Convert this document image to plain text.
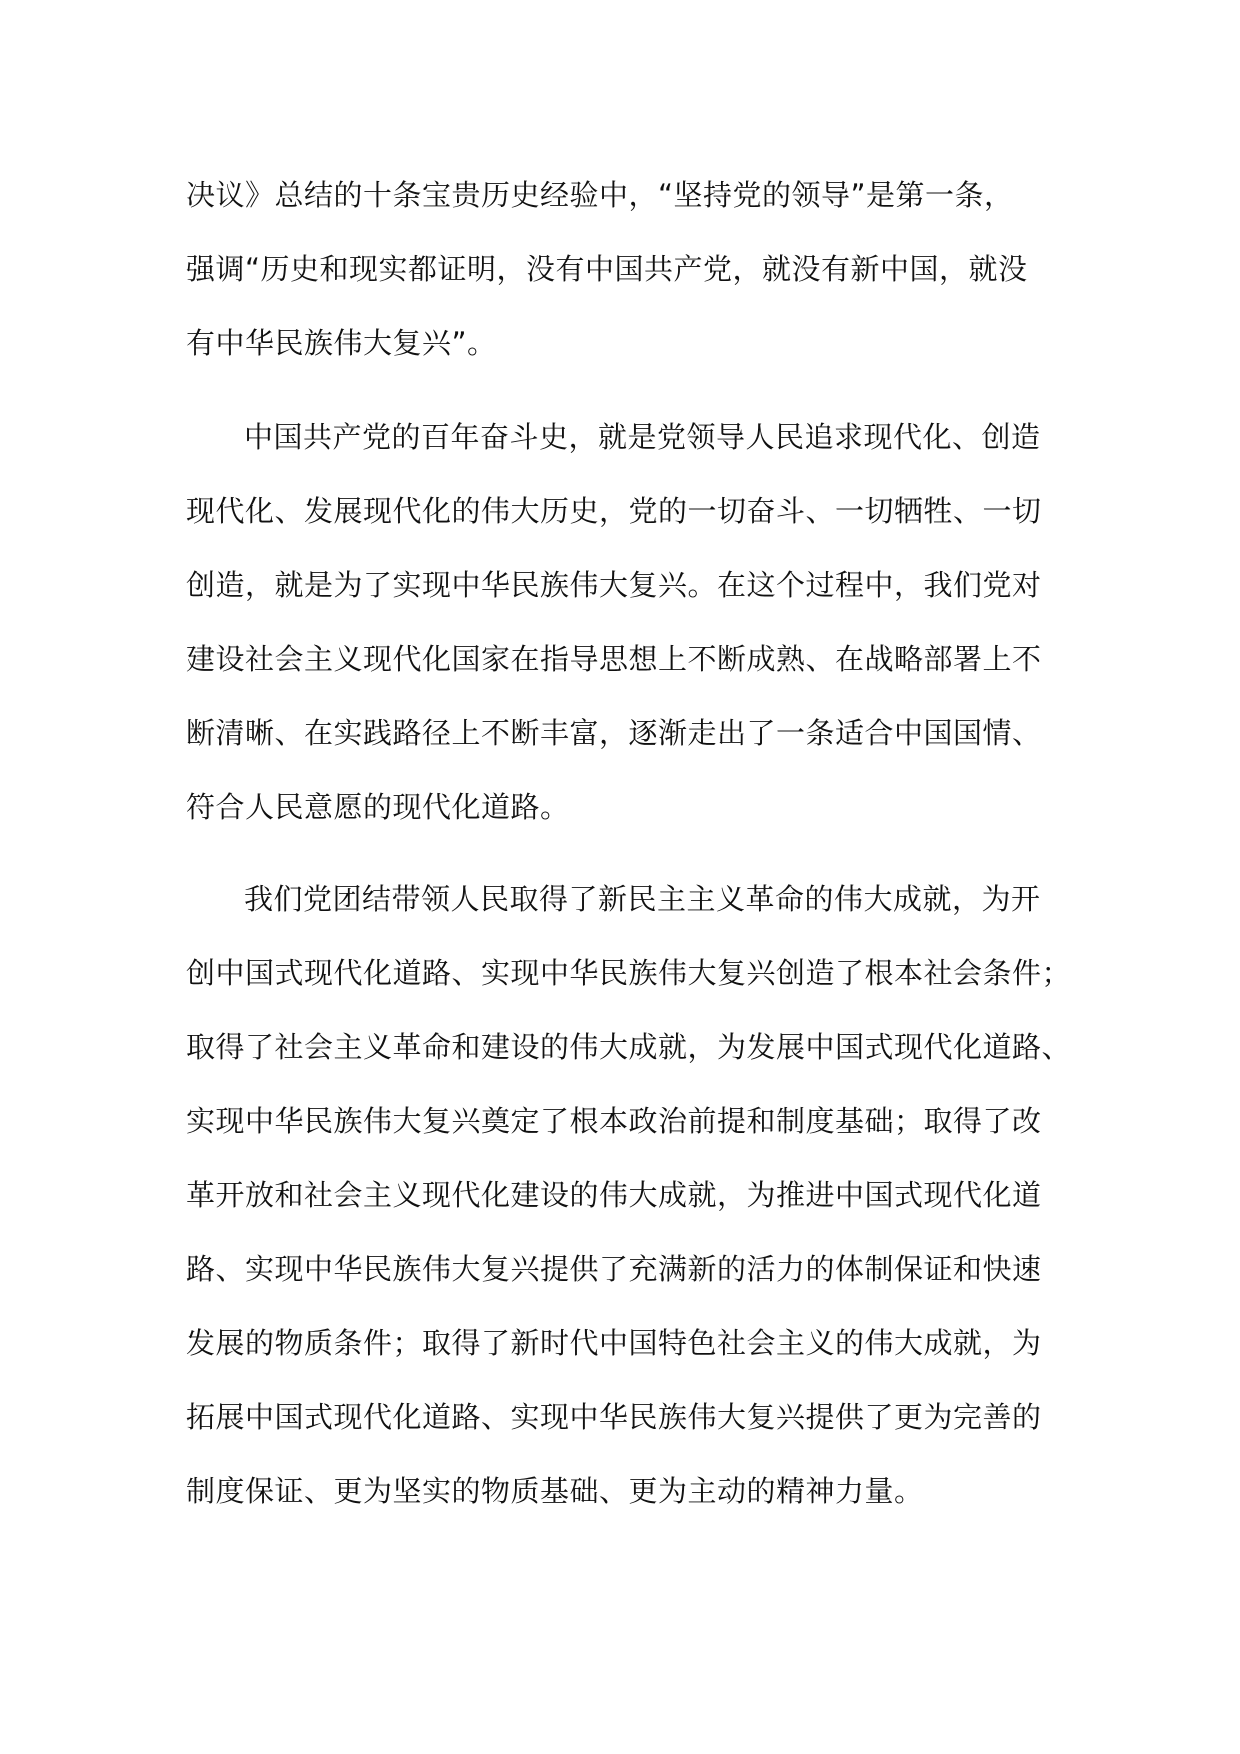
决议》总结的十条宝贵历史经验中，“坚持党的领导”是第一条，
强调“历史和现实都证明，没有中国共产党，就没有新中国，就没
有中华民族伟大复兴”。
中国共产党的百年奋斗史，就是党领导人民追求现代化、创造
现代化、发展现代化的伟大历史，党的一切奋斗、一切牺牲、一切
创造，就是为了实现中华民族伟大复兴。在这个过程中，我们党对
建设社会主义现代化国家在指导思想上不断成熟、在战略部署上不
断清晰、在实践路径上不断丰富，逐渐走出了一条适合中国国情、
符合人民意愿的现代化道路。
我们党团结带领人民取得了新民主主义革命的伟大成就，为开
创中国式现代化道路、实现中华民族伟大复兴创造了根本社会条件；
取得了社会主义革命和建设的伟大成就，为发展中国式现代化道路、
实现中华民族伟大复兴奠定了根本政治前提和制度基础；取得了改
革开放和社会主义现代化建设的伟大成就，为推进中国式现代化道
路、实现中华民族伟大复兴提供了充满新的活力的体制保证和快速
发展的物质条件；取得了新时代中国特色社会主义的伟大成就，为
拓展中国式现代化道路、实现中华民族伟大复兴提供了更为完善的
制度保证、更为坚实的物质基础、更为主动的精神力量。
